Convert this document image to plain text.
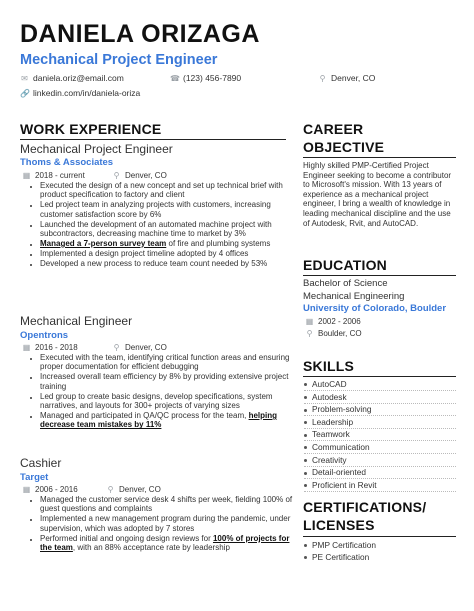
DANIELA ORIZAGA
Mechanical Project Engineer
✉ daniela.oriz@email.com	☎ (123) 456-7890	⚲ Denver, CO
🔗 linkedin.com/in/daniela-oriza
WORK EXPERIENCE
Mechanical Project Engineer
Thoms & Associates
▦ 2018 - current	⚲ Denver, CO
• Executed the design of a new concept and set up technical brief with product specification to factory and client
• Led project team in analyzing projects with customers, increasing customer satisfaction score by 6%
• Launched the development of an automated machine project with subcontractors, decreasing machine time to market by 3%
• Managed a 7-person survey team of fire and plumbing systems
• Implemented a design project timeline adopted by 4 offices
• Developed a new process to reduce team count needed by 53%
Mechanical Engineer
Opentrons
▦ 2016 - 2018	⚲ Denver, CO
• Executed with the team, identifying critical function areas and ensuring proper documentation for efficient debugging
• Increased overall team efficiency by 8% by providing extensive project training
• Led group to create basic designs, develop specifications, system narratives, and layouts for 300+ projects of varying sizes
• Managed and participated in QA/QC process for the team, helping decrease team mistakes by 11%
Cashier
Target
▦ 2006 - 2016	⚲ Denver, CO
• Managed the customer service desk 4 shifts per week, fielding 100% of guest questions and complaints
• Implemented a new management program during the pandemic, under supervision, which was adopted by 7 stores
• Performed initial and ongoing design reviews for 100% of projects for the team, with an 88% acceptance rate by leadership
CAREER
OBJECTIVE
Highly skilled PMP-Certified Project Engineer seeking to become a contributor to Microsoft's mission. With 13 years of experience as a mechanical project engineer, I bring a wealth of knowledge in leading mechanical discipline and the use of Autodesk, Rvit, and AutoCAD.
EDUCATION
Bachelor of Science
Mechanical Engineering
University of Colorado, Boulder
▦ 2002 - 2006
⚲ Boulder, CO
SKILLS
AutoCAD
Autodesk
Problem-solving
Leadership
Teamwork
Communication
Creativity
Detail-oriented
Proficient in Revit
CERTIFICATIONS/
LICENSES
PMP Certification
PE Certification
